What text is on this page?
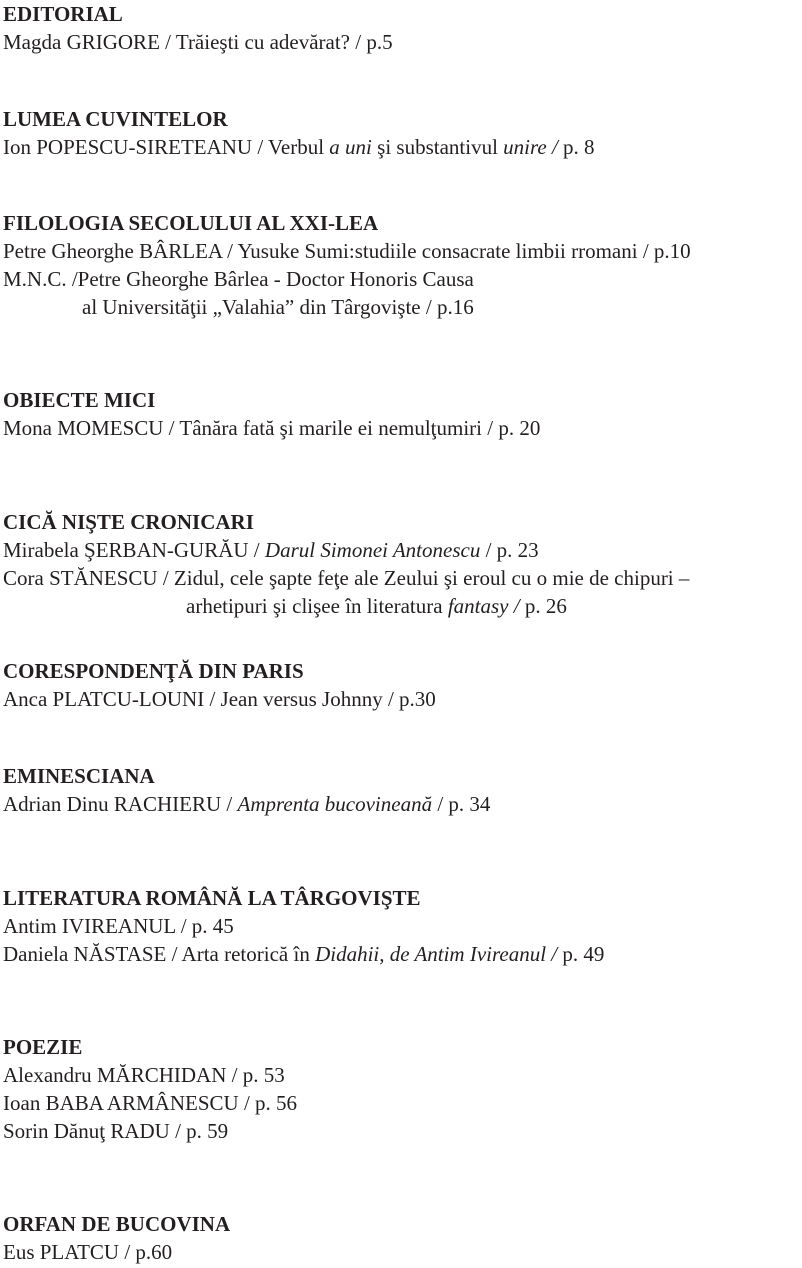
EDITORIAL
Magda GRIGORE / Trăieşti cu adevărat? / p.5
LUMEA CUVINTELOR
Ion POPESCU-SIRETEANU / Verbul a uni şi substantivul unire / p. 8
FILOLOGIA SECOLULUI AL XXI-LEA
Petre Gheorghe BÂRLEA / Yusuke Sumi:studiile consacrate limbii rromani / p.10
M.N.C. /Petre Gheorghe Bârlea - Doctor Honoris Causa
al Universităţii „Valahia” din Târgovişte / p.16
OBIECTE MICI
Mona MOMESCU / Tânăra fată şi marile ei nemulţumiri / p. 20
CICĂ NIŞTE CRONICARI
Mirabela ŞERBAN-GURĂU / Darul Simonei Antonescu / p. 23
Cora STĂNESCU / Zidul, cele şapte feţe ale Zeului şi eroul cu o mie de chipuri –
arhetipuri şi clişee în literatura fantasy / p. 26
CORESPONDENŢĂ DIN PARIS
Anca PLATCU-LOUNI / Jean versus Johnny / p.30
EMINESCIANA
Adrian Dinu RACHIERU / Amprenta bucovineană / p. 34
LITERATURA ROMÂNĂ LA TÂRGOVIŞTE
Antim IVIREANUL / p. 45
Daniela NĂSTASE / Arta retorică în Didahii, de Antim Ivireanul / p. 49
POEZIE
Alexandru MĂRCHIDAN / p. 53
Ioan BABA ARMÂNESCU / p. 56
Sorin Dănuţ RADU / p. 59
ORFAN DE BUCOVINA
Eus PLATCU / p.60
